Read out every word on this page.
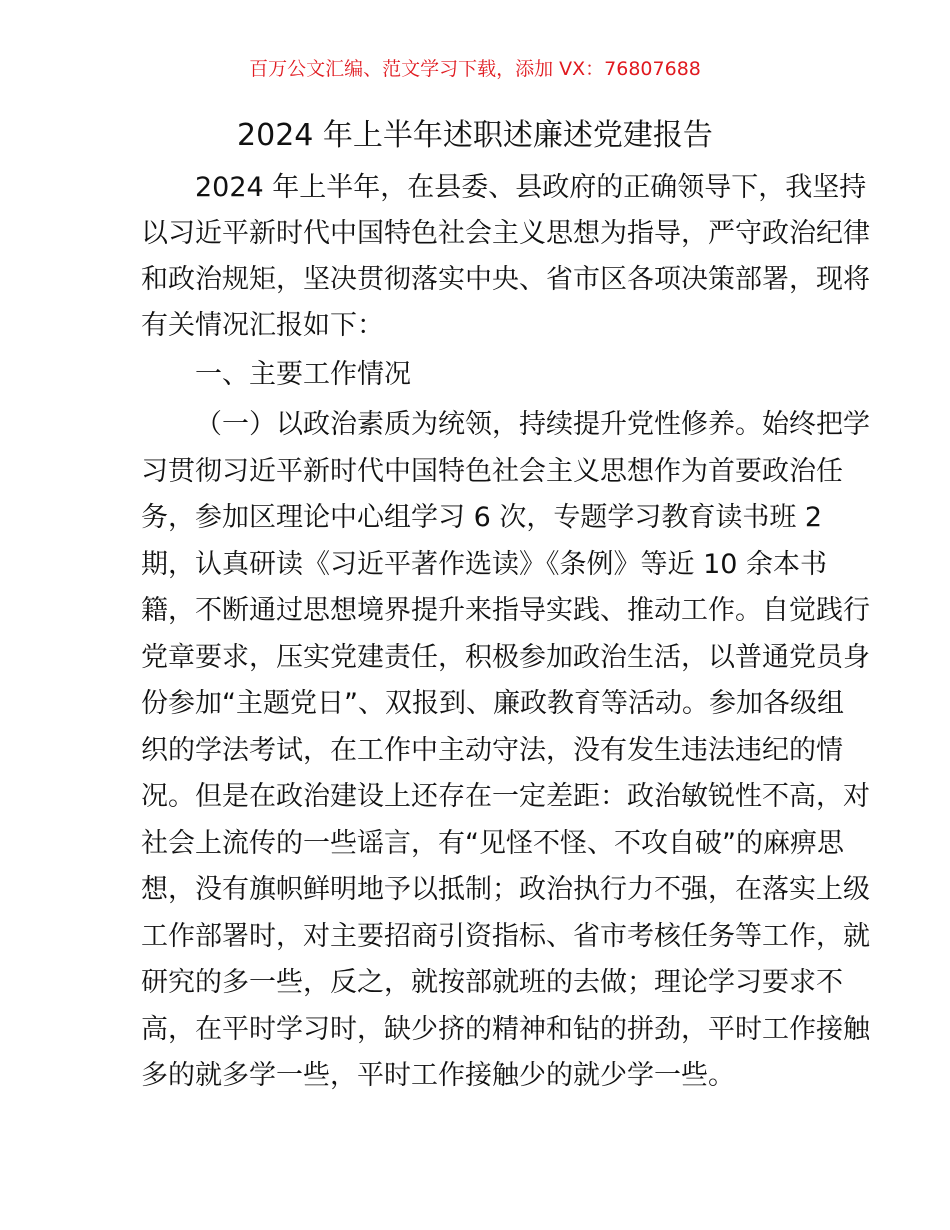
百万公文汇编、范文学习下载，添加 VX：76807688
2024 年上半年述职述廉述党建报告
2024 年上半年，在县委、县政府的正确领导下，我坚持
以习近平新时代中国特色社会主义思想为指导，严守政治纪律
和政治规矩，坚决贯彻落实中央、省市区各项决策部署，现将
有关情况汇报如下：
一、主要工作情况
（一）以政治素质为统领，持续提升党性修养。始终把学
习贯彻习近平新时代中国特色社会主义思想作为首要政治任
务，参加区理论中心组学习 6 次，专题学习教育读书班 2
期，认真研读《习近平著作选读》《条例》等近 10 余本书
籍，不断通过思想境界提升来指导实践、推动工作。自觉践行
党章要求，压实党建责任，积极参加政治生活，以普通党员身
份参加“主题党日”、双报到、廉政教育等活动。参加各级组
织的学法考试，在工作中主动守法，没有发生违法违纪的情
况。但是在政治建设上还存在一定差距：政治敏锐性不高，对
社会上流传的一些谣言，有“见怪不怪、不攻自破”的麻痹思
想，没有旗帜鲜明地予以抵制；政治执行力不强，在落实上级
工作部署时，对主要招商引资指标、省市考核任务等工作，就
研究的多一些，反之，就按部就班的去做；理论学习要求不
高，在平时学习时，缺少挤的精神和钻的拼劲，平时工作接触
多的就多学一些，平时工作接触少的就少学一些。
